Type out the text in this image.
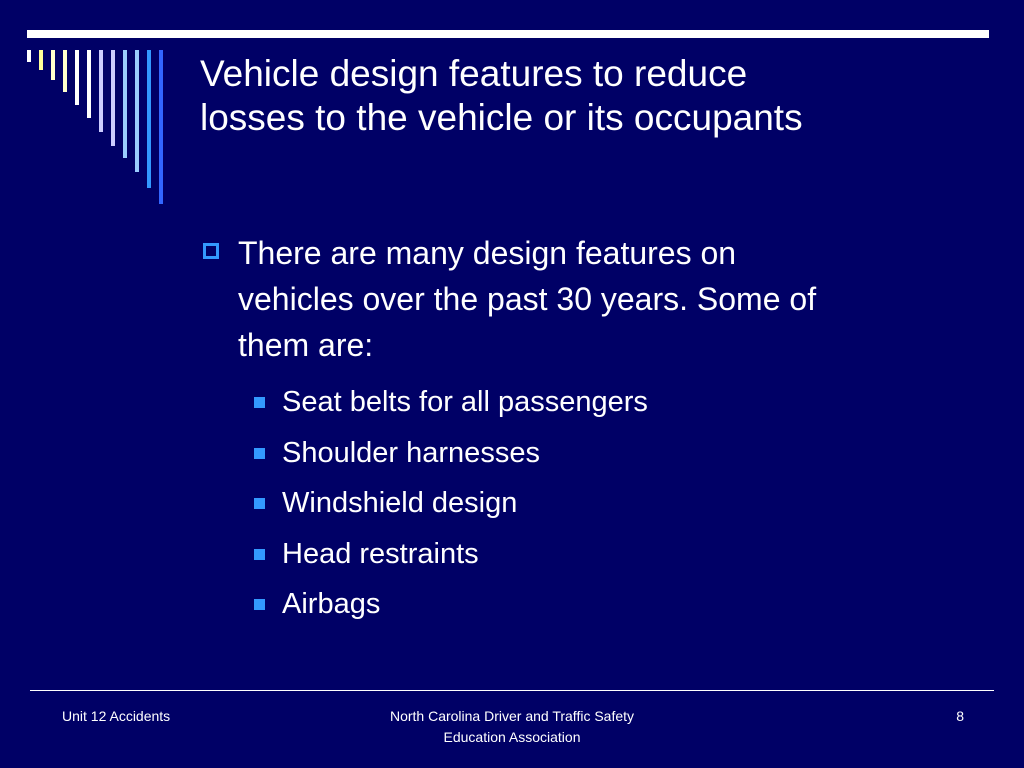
Vehicle design features to reduce
losses to the vehicle or its occupants
There are many design features on
vehicles over the past 30 years. Some of
them are:
Seat belts for all passengers
Shoulder harnesses
Windshield design
Head restraints
Airbags
Unit 12 Accidents	North Carolina Driver and Traffic Safety
Education Association
8
